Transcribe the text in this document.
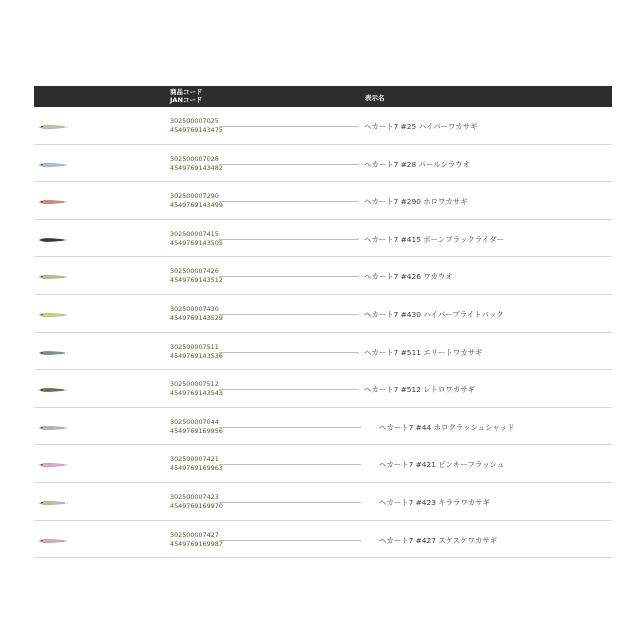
商品コード
JANコード	表示名
302500007025
4549769143475	ヘカート7 #25 ハイパーワカサギ
302500007028
4549769143482	ヘカート7 #28 パールシラウオ
302500007290
4549769143499	ヘカート7 #290 ホロワカサギ
302500007415
4549769143505	ヘカート7 #415 ボーンブラックライダー
302500007426
4549769143512	ヘカート7 #426 ワカウオ
302500007430
4549769143529	ヘカート7 #430 ハイパーブライトバック
302500007511
4549769143536	ヘカート7 #511 エリートワカサギ
302500007512
4549769143543	ヘカート7 #512 レトロワカサギ
302500007044
4549769169956	ヘカート7 #44 ホロクラッシュシャッド
302500007421
4549769169963	ヘカート7 #421 ピンキーフラッシュ
302500007423
4549769169970	ヘカート7 #423 キララワカサギ
302500007427
4549769169987	ヘカート7 #427 スケスケワカサギ
